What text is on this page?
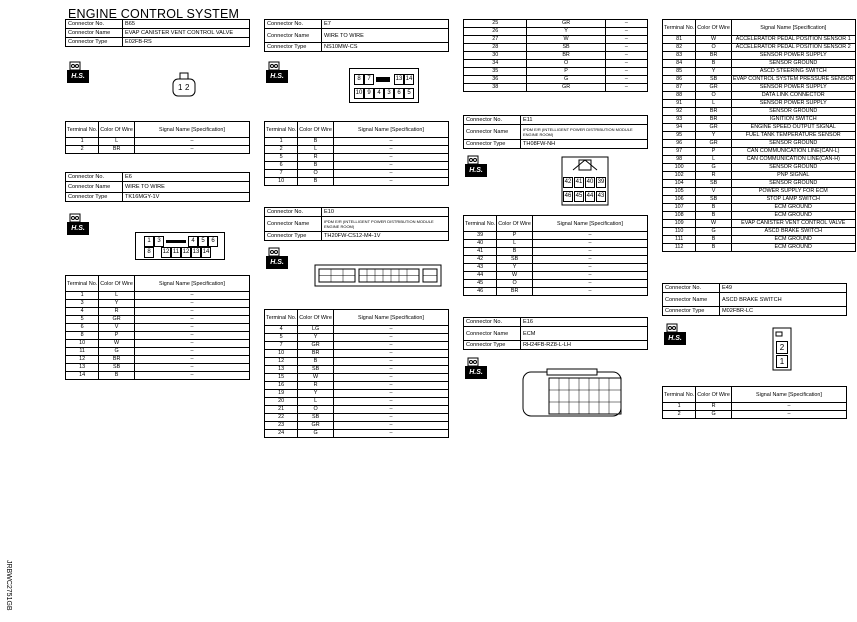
ENGINE CONTROL SYSTEM
Connector No.	B65
Connector Name	EVAP CANISTER VENT CONTROL VALVE
Connector Type	E02FB-RS
H.S.
1 2
Terminal No.	Color Of Wire	Signal Name [Specification]
1	L	–
2	BR	–
Connector No.	E6
Connector Name	WIRE TO WIRE
Connector Type	TK16MGY-1V
H.S.
1	3	4	5	6
8	12 11 12 13 14
Terminal No.	Color Of Wire	Signal Name [Specification]
1	L	–
3	Y	–
4	R	–
5	GR	–
6	V	–
8	P	–
10	W	–
11	G	–
12	BR	–
13	SB	–
14	B	–
Connector No.	E7
Connector Name	WIRE TO WIRE
Connector Type	NS10MW-CS
H.S.	8	7	13 14
10 9	4	3	6	5
Terminal No.	Color Of Wire	Signal Name [Specification]
1	B	–
2	L	–
5	R	–
6	B	–
7	O	–
10	B	–
Connector No.	E10
Connector Name	IPDM E/R (INTELLIGENT POWER DISTRIBUTION MODULE ENGINE ROOM)
Connector Type	TH20FW-CS12-M4-1V
H.S.
Terminal No.	Color Of Wire	Signal Name [Specification]
4	LG	–
5	Y	–
7	GR	–
10	BR	–
12	B	–
13	SB	–
15	W	–
16	R	–
19	Y	–
20	L	–
21	O	–
22	SB	–
23	GR	–
24	G	–
25	GR	–
26	Y	–
27	W	–
28	SB	–
30	BR	–
34	O	–
35	P	–
36	G	–
38	GR	–
Connector No.	E11
Connector Name	IPDM E/R (INTELLIGENT POWER DISTRIBUTION MODULE ENGINE ROOM)
Connector Type	TH08FW-NH
H.S.
42 41 40 39
46 45 44 43
Terminal No.	Color Of Wire	Signal Name [Specification]
39	P	–
40	L	–
41	B	–
42	SB	–
43	Y	–
44	W	–
45	O	–
46	BR	–
Connector No.	E16
Connector Name	ECM
Connector Type	RH24FB-RZ8-L-LH
H.S.
Terminal No.	Color Of Wire	Signal Name [Specification]
81	W	ACCELERATOR PEDAL POSITION SENSOR 1
82	O	ACCELERATOR PEDAL POSITION SENSOR 2
83	BR	SENSOR POWER SUPPLY
84	B	SENSOR GROUND
85	Y	ASCD STEERING SWITCH
86	SB	EVAP CONTROL SYSTEM PRESSURE SENSOR
87	GR	SENSOR POWER SUPPLY
88	O	DATA LINK CONNECTOR
91	L	SENSOR POWER SUPPLY
92	BR	SENSOR GROUND
93	BR	IGNITION SWITCH
94	GR	ENGINE SPEED OUTPUT SIGNAL
95	Y	FUEL TANK TEMPERATURE SENSOR
96	GR	SENSOR GROUND
97	P	CAN COMMUNICATION LINE(CAN-L)
98	L	CAN COMMUNICATION LINE(CAN-H)
100	G	SENSOR GROUND
102	R	PNP SIGNAL
104	SB	SENSOR GROUND
105	V	POWER SUPPLY FOR ECM
106	SB	STOP LAMP SWITCH
107	B	ECM GROUND
108	B	ECM GROUND
109	W	EVAP CANISTER VENT CONTROL VALVE
110	G	ASCD BRAKE SWITCH
111	B	ECM GROUND
112	B	ECM GROUND
Connector No.	E49
Connector Name	ASCD BRAKE SWITCH
Connector Type	M02FBR-LC
H.S.
2
1
Terminal No.	Color Of Wire	Signal Name [Specification]
1	R	–
2	G	–
JRBWC2751GB
